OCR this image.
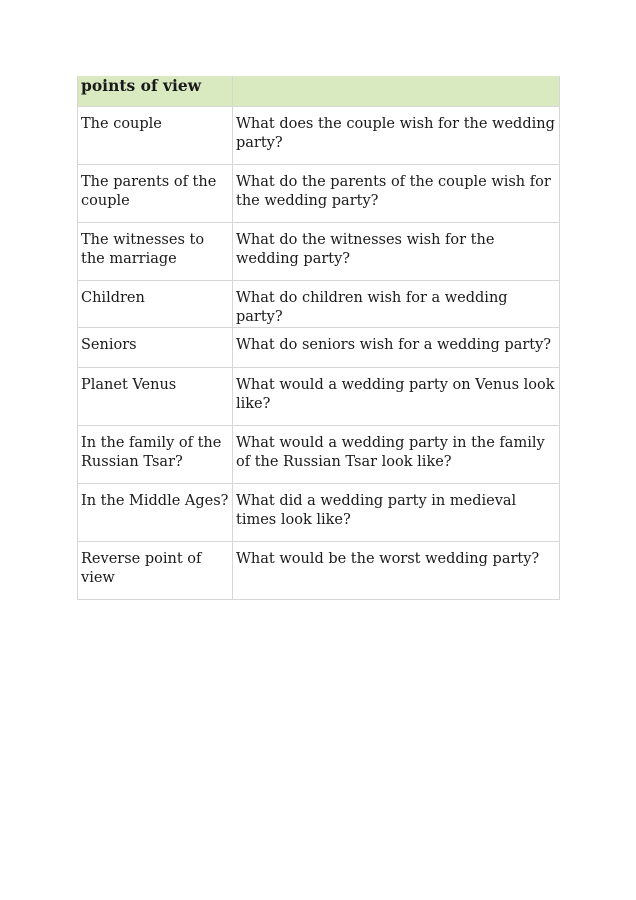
points of view	
The couple	What does the couple wish for the wedding party?
The parents of the couple	What do the parents of the couple wish for the wedding party?
The witnesses to the marriage	What do the witnesses wish for the wedding party?
Children	What do children wish for a wedding party?
Seniors	What do seniors wish for a wedding party?
Planet Venus	What would a wedding party on Venus look like?
In the family of the Russian Tsar?	What would a wedding party in the family of the Russian Tsar look like?
In the Middle Ages?	What did a wedding party in medieval times look like?
Reverse point of view	What would be the worst wedding party?
